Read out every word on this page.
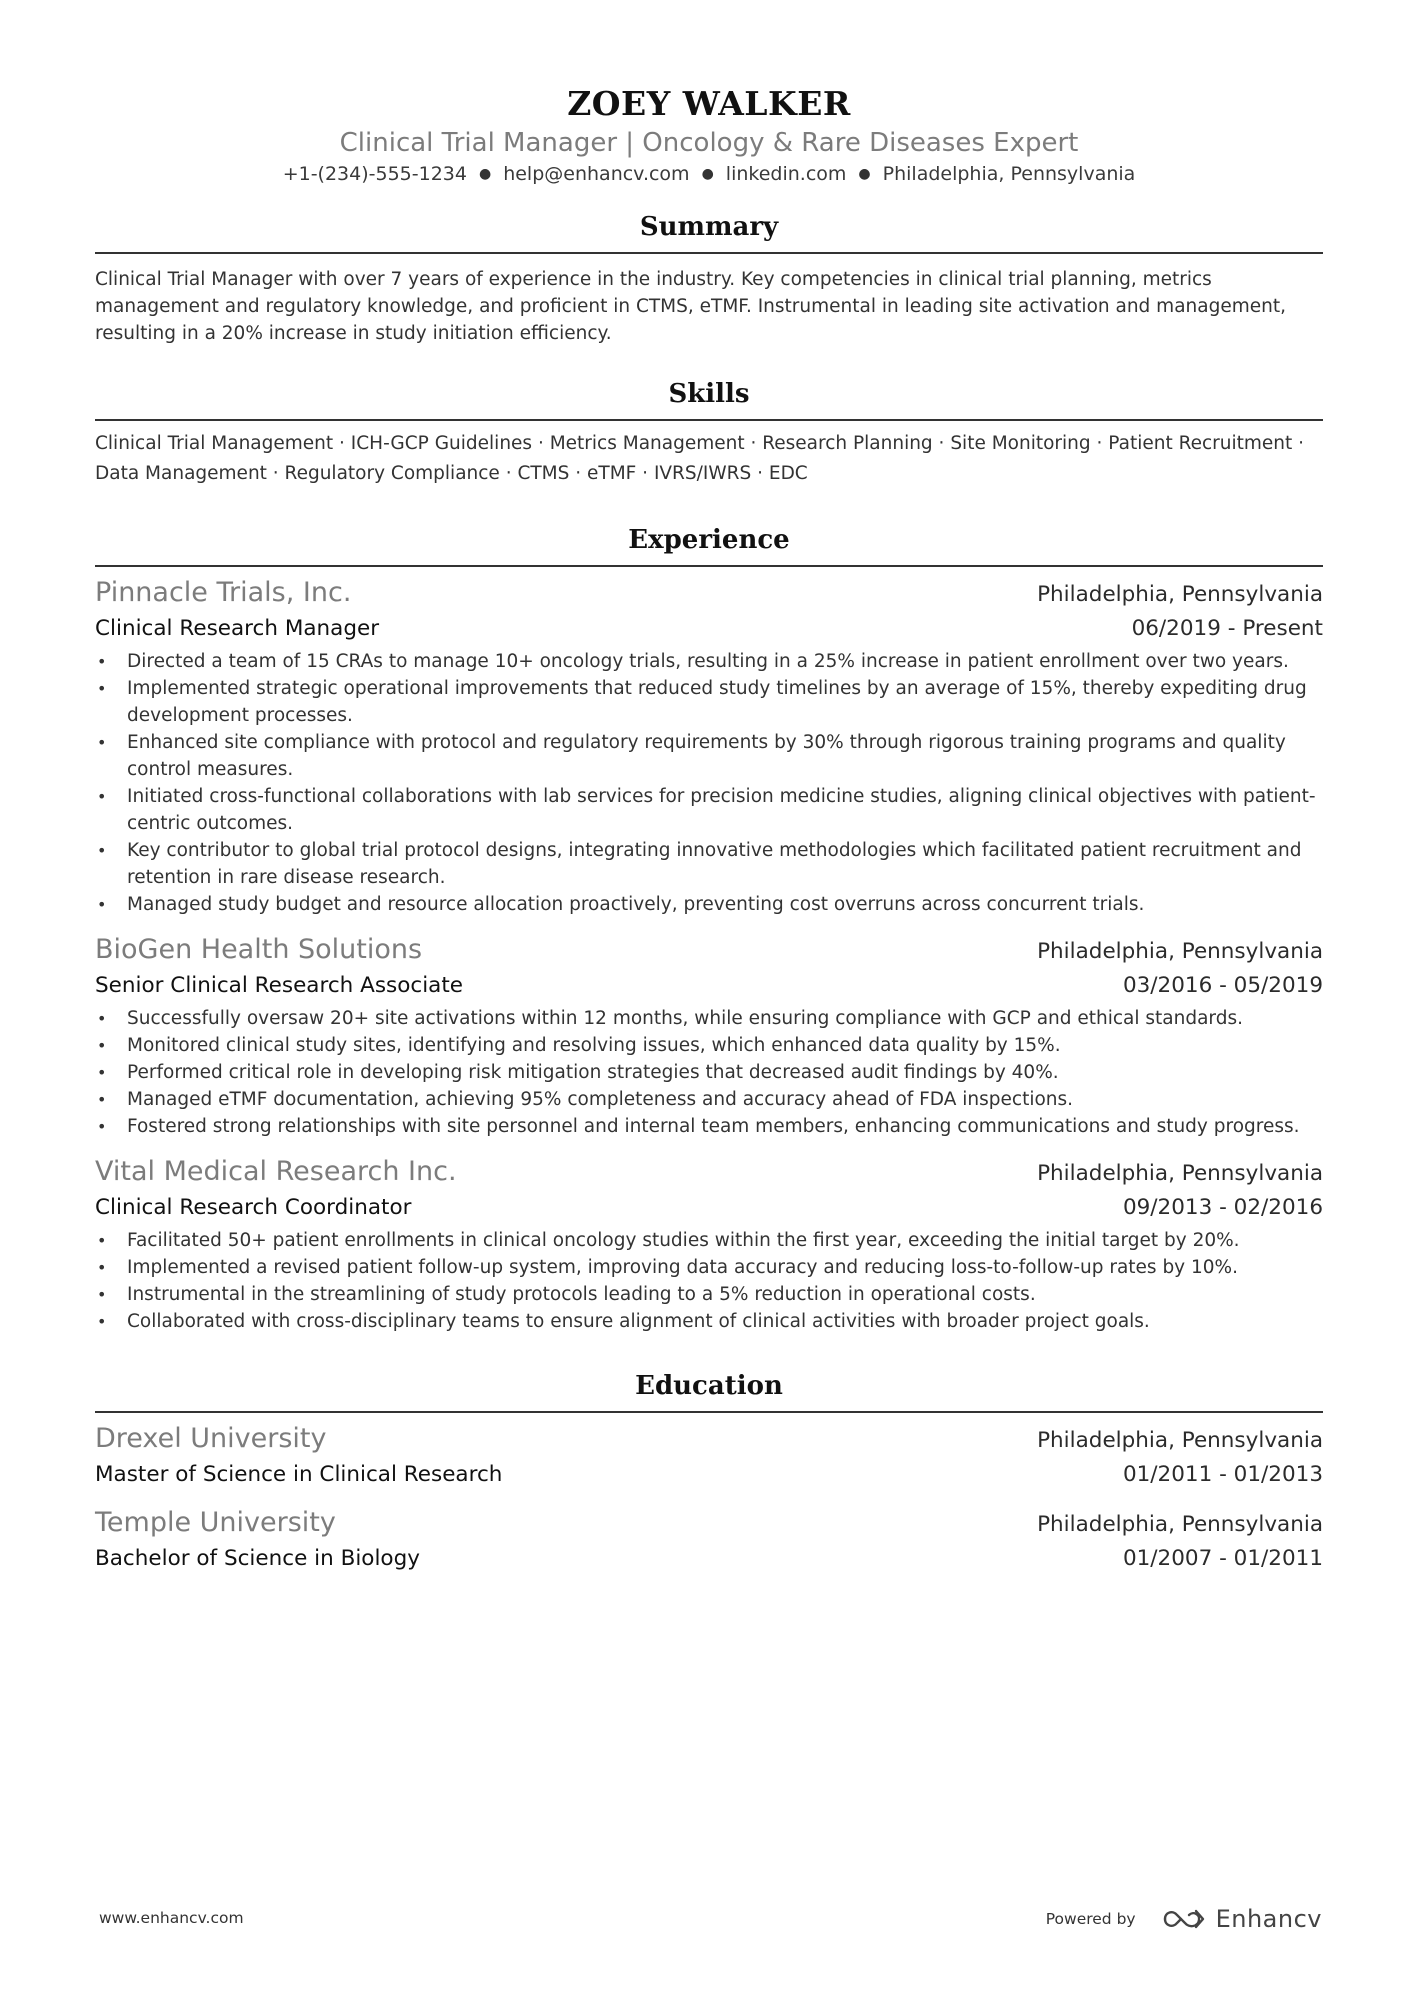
ZOEY WALKER
Clinical Trial Manager | Oncology & Rare Diseases Expert
+1-(234)-555-1234 ● help@enhancv.com ● linkedin.com ● Philadelphia, Pennsylvania
Summary
Clinical Trial Manager with over 7 years of experience in the industry. Key competencies in clinical trial planning, metrics management and regulatory knowledge, and proficient in CTMS, eTMF. Instrumental in leading site activation and management, resulting in a 20% increase in study initiation efficiency.
Skills
Clinical Trial Management · ICH-GCP Guidelines · Metrics Management · Research Planning · Site Monitoring · Patient Recruitment · Data Management · Regulatory Compliance · CTMS · eTMF · IVRS/IWRS · EDC
Experience
Pinnacle Trials, Inc.	Philadelphia, Pennsylvania
Clinical Research Manager	06/2019 - Present
• Directed a team of 15 CRAs to manage 10+ oncology trials, resulting in a 25% increase in patient enrollment over two years.
• Implemented strategic operational improvements that reduced study timelines by an average of 15%, thereby expediting drug development processes.
• Enhanced site compliance with protocol and regulatory requirements by 30% through rigorous training programs and quality control measures.
• Initiated cross-functional collaborations with lab services for precision medicine studies, aligning clinical objectives with patient-centric outcomes.
• Key contributor to global trial protocol designs, integrating innovative methodologies which facilitated patient recruitment and retention in rare disease research.
• Managed study budget and resource allocation proactively, preventing cost overruns across concurrent trials.
BioGen Health Solutions	Philadelphia, Pennsylvania
Senior Clinical Research Associate	03/2016 - 05/2019
• Successfully oversaw 20+ site activations within 12 months, while ensuring compliance with GCP and ethical standards.
• Monitored clinical study sites, identifying and resolving issues, which enhanced data quality by 15%.
• Performed critical role in developing risk mitigation strategies that decreased audit findings by 40%.
• Managed eTMF documentation, achieving 95% completeness and accuracy ahead of FDA inspections.
• Fostered strong relationships with site personnel and internal team members, enhancing communications and study progress.
Vital Medical Research Inc.	Philadelphia, Pennsylvania
Clinical Research Coordinator	09/2013 - 02/2016
• Facilitated 50+ patient enrollments in clinical oncology studies within the first year, exceeding the initial target by 20%.
• Implemented a revised patient follow-up system, improving data accuracy and reducing loss-to-follow-up rates by 10%.
• Instrumental in the streamlining of study protocols leading to a 5% reduction in operational costs.
• Collaborated with cross-disciplinary teams to ensure alignment of clinical activities with broader project goals.
Education
Drexel University	Philadelphia, Pennsylvania
Master of Science in Clinical Research	01/2011 - 01/2013
Temple University	Philadelphia, Pennsylvania
Bachelor of Science in Biology	01/2007 - 01/2011
www.enhancv.com	Powered by	Enhancv
